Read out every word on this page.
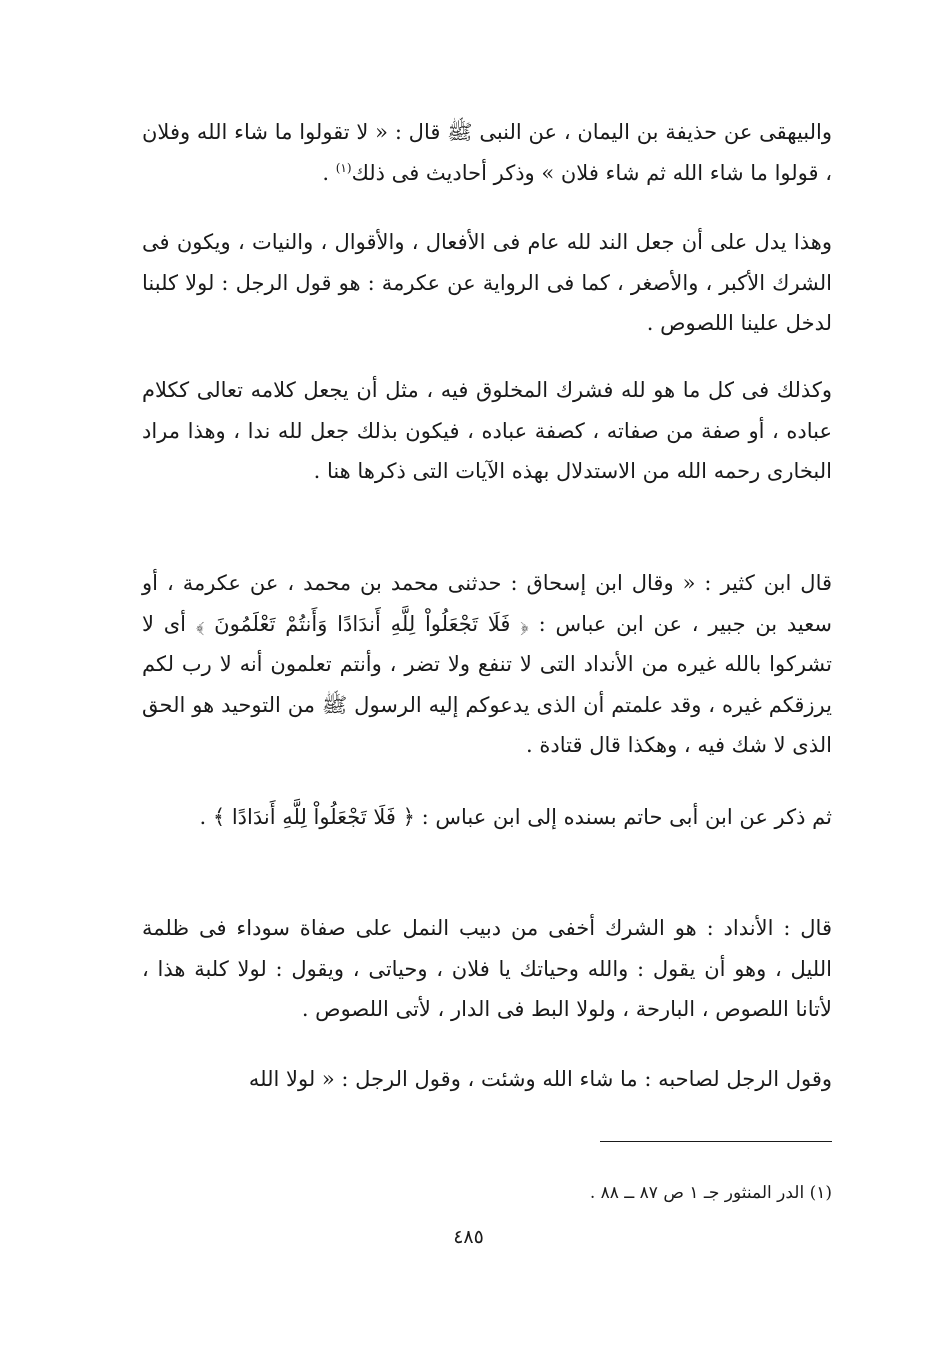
والبيهقى عن حذيفة بن اليمان ، عن النبى ﷺ قال : « لا تقولوا ما شاء الله وفلان ، قولوا ما شاء الله ثم شاء فلان » وذكر أحاديث فى ذلك$^{(١)}$ .

وهذا يدل على أن جعل الند لله عام فى الأفعال ، والأقوال ، والنيات ، ويكون فى الشرك الأكبر ، والأصغر ، كما فى الرواية عن عكرمة : هو قول الرجل : لولا كلبنا لدخل علينا اللصوص .

وكذلك فى كل ما هو لله فشرك المخلوق فيه ، مثل أن يجعل كلامه تعالى ككلام عباده ، أو صفة من صفاته ، كصفة عباده ، فيكون بذلك جعل لله ندا ، وهذا مراد البخارى رحمه الله من الاستدلال بهذه الآيات التى ذكرها هنا .

قال ابن كثير : « وقال ابن إسحاق : حدثنى محمد بن محمد ، عن عكرمة ، أو سعيد بن جبير ، عن ابن عباس : ﴿ فَلَا تَجْعَلُواْ لِلَّهِ أَندَادًا وَأَنتُمْ تَعْلَمُونَ ﴾ أى لا تشركوا بالله غيره من الأنداد التى لا تنفع ولا تضر ، وأنتم تعلمون أنه لا رب لكم يرزقكم غيره ، وقد علمتم أن الذى يدعوكم إليه الرسول ﷺ من التوحيد هو الحق الذى لا شك فيه ، وهكذا قال قتادة .

ثم ذكر عن ابن أبى حاتم بسنده إلى ابن عباس : ﴿ فَلَا تَجْعَلُواْ لِلَّهِ أَندَادًا ﴾ .

قال : الأنداد : هو الشرك أخفى من دبيب النمل على صفاة سوداء فى ظلمة الليل ، وهو أن يقول : والله وحياتك يا فلان ، وحياتى ، ويقول : لولا كلبة هذا ، لأتانا اللصوص ، البارحة ، ولولا البط فى الدار ، لأتى اللصوص .

وقول الرجل لصاحبه : ما شاء الله وشئت ، وقول الرجل : « لولا الله

(١) الدر المنثور جـ ١ ص ٨٧ ــ ٨٨ .
٤٨٥
